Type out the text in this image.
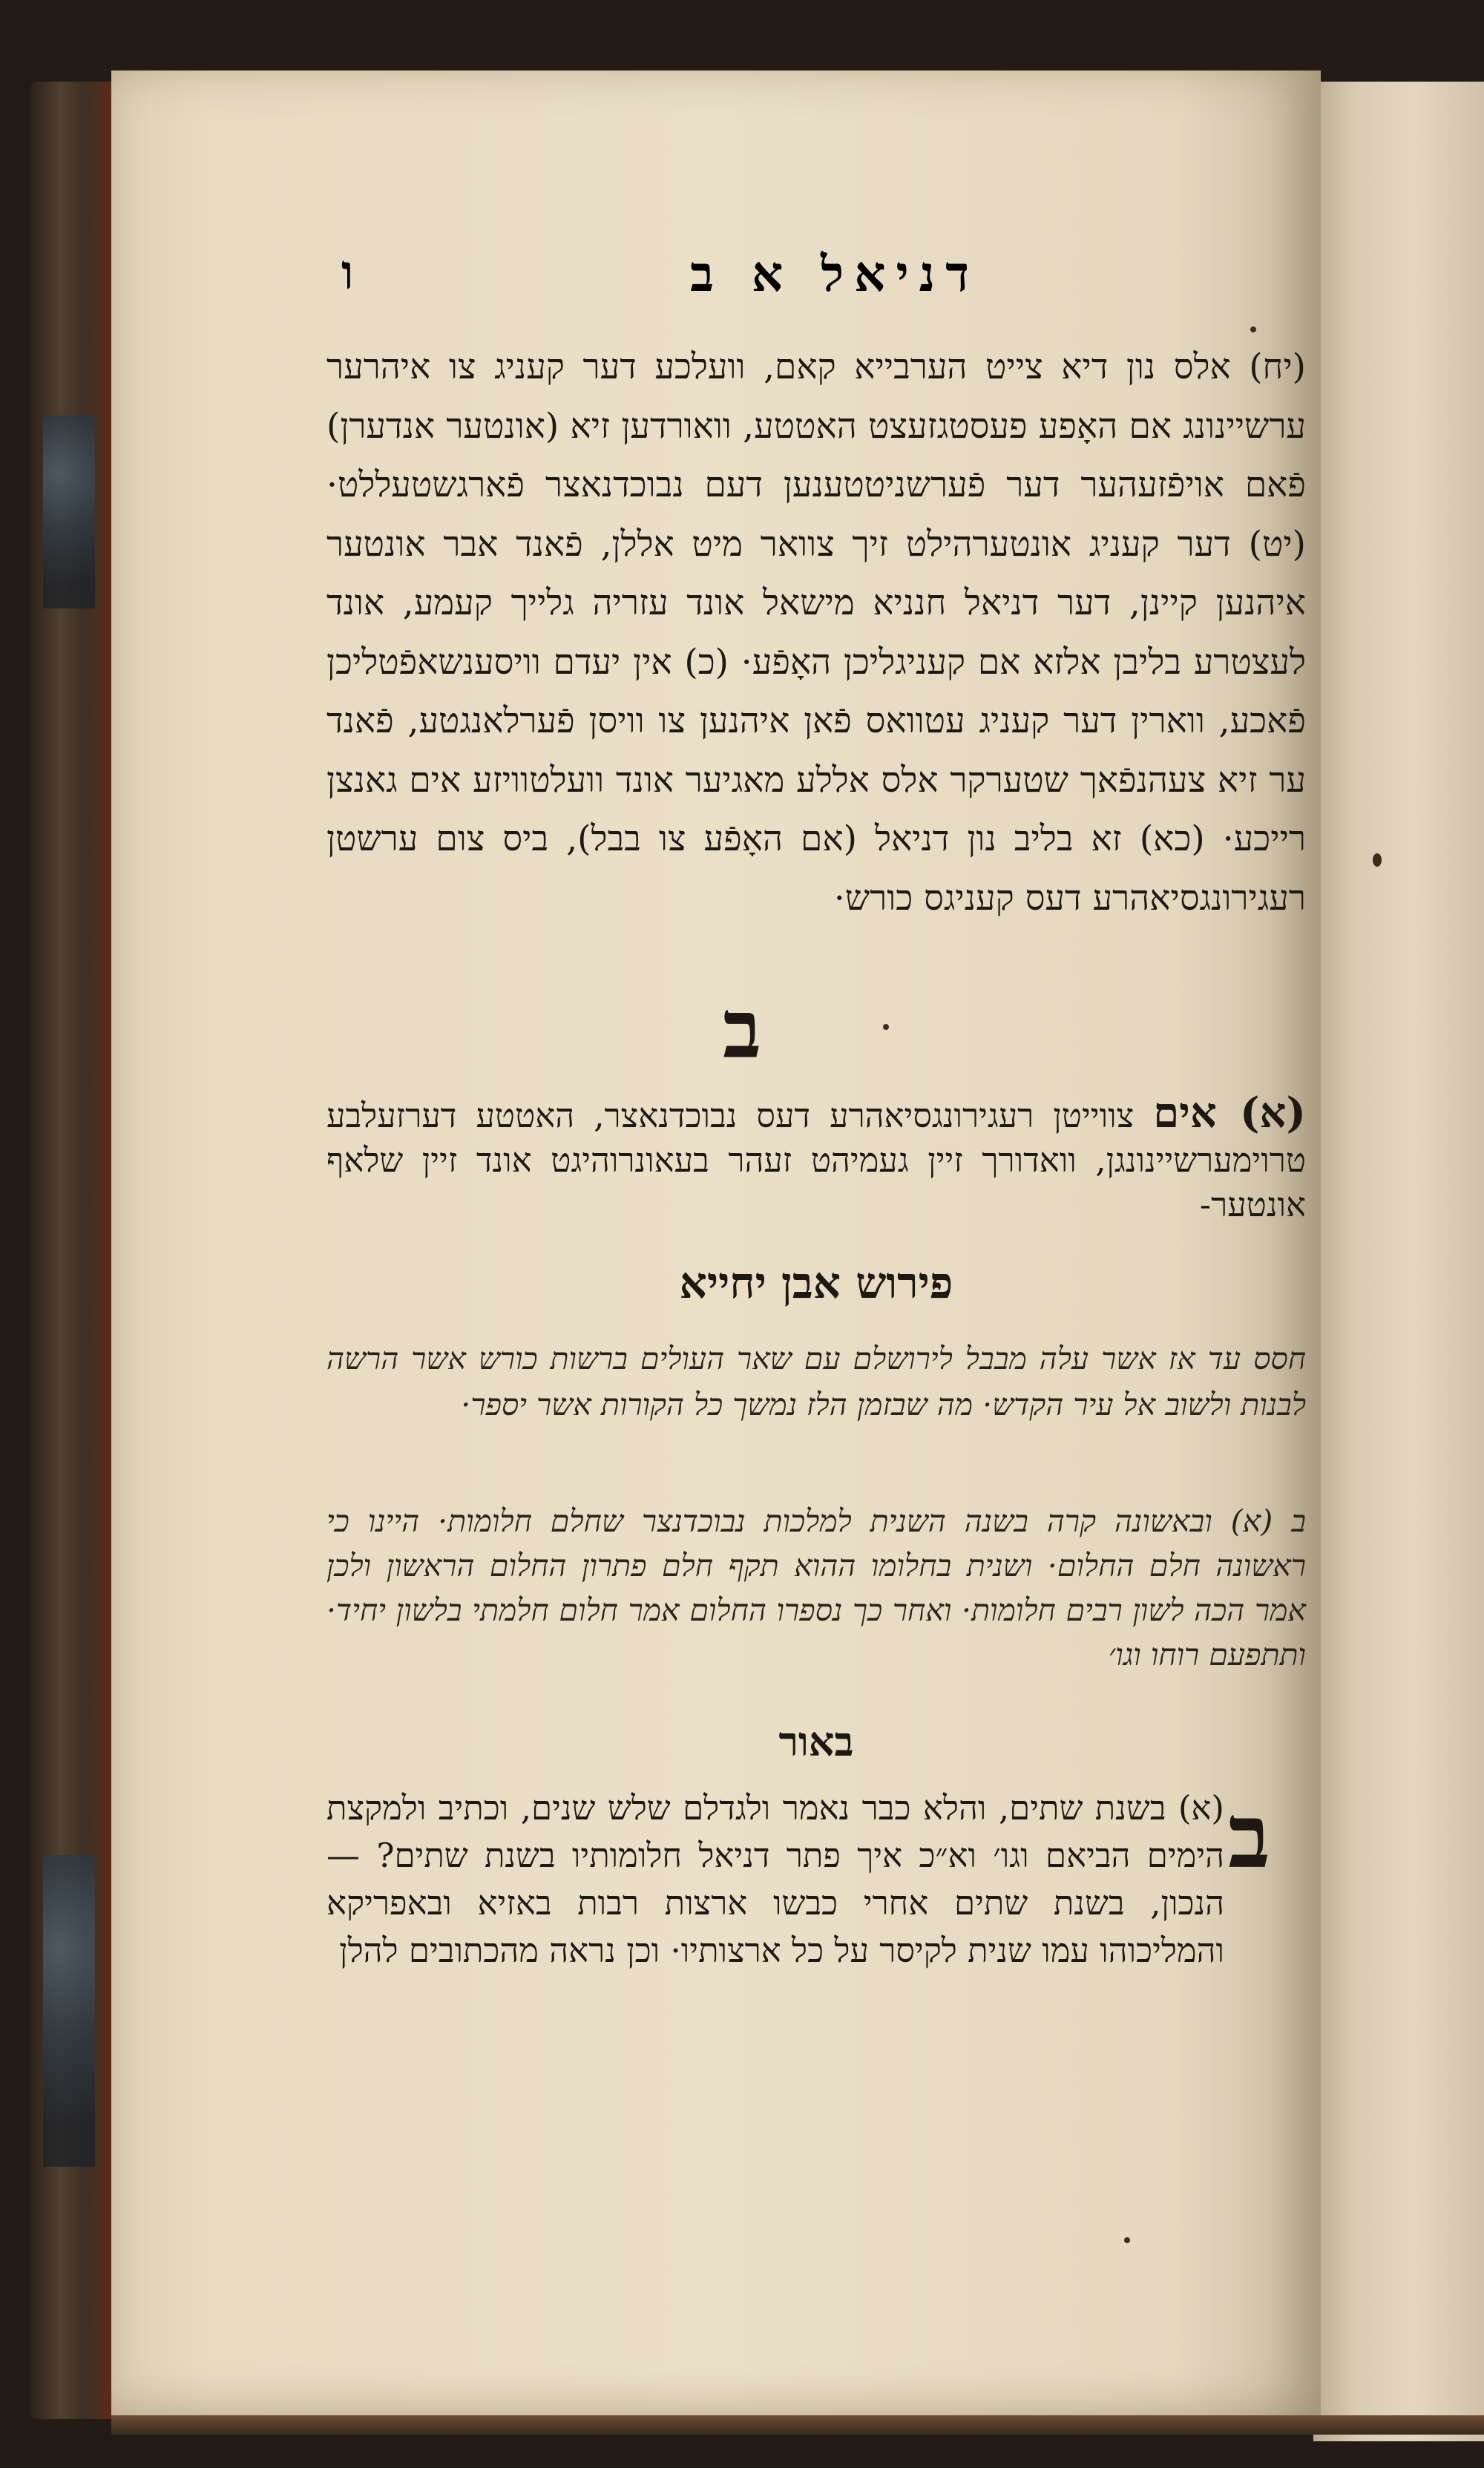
דניאל א ב
ו
(יח) אלס נון דיא צייט הערבייא קאם, וועלכע דער קעניג צו איהרער ערשיינונג אם האָפע פעסטגזעצט האטטע, וואורדען זיא (אונטער אנדערן) פֿאם אויפֿזעהער דער פֿערשניטטענען דעם נבוכדנאצר פֿארגשטעללט· (יט) דער קעניג אונטערהילט זיך צוואר מיט אללן, פֿאנד אבר אונטער איהנען קיינן, דער דניאל חנניא מישאל אונד עזריה גלייך קעמע, אונד לעצטרע בליבן אלזא אם קעניגליכן האָפֿע· (כ) אין יעדם וויסענשאפֿטליכן פֿאכע, ווארין דער קעניג עטוואס פֿאן איהנען צו וויסן פֿערלאנגטע, פֿאנד ער זיא צעהנפֿאך שטערקר אלס אללע מאגיער אונד וועלטוויזע אים גאנצן רייכע· (כא) זא בליב נון דניאל (אם האָפֿע צו בבל), ביס צום ערשטן רעגירונגסיאהרע דעס קעניגס כורש·
ב
(א) אים צווייטן רעגירונגסיאהרע דעס נבוכדנאצר, האטטע דערזעלבע טרוימערשיינונגן, וואדורך זיין געמיהט זעהר בעאונרוהיגט אונד זיין שלאף אונטער-
פירוש אבן יחייא
חסס עד אז אשר עלה מבבל לירושלם עם שאר העולים ברשות כורש אשר הרשה לבנות ולשוב אל עיר הקדש· מה שבזמן הלז נמשך כל הקורות אשר יספר·
ב (א) ובאשונה קרה בשנה השנית למלכות נבוכדנצר שחלם חלומות· היינו כי ראשונה חלם החלום· ושנית בחלומו ההוא תקף חלם פתרון החלום הראשון ולכן אמר הכה לשון רבים חלומות· ואחר כך נספרו החלום אמר חלום חלמתי בלשון יחיד· ותתפעם רוחו וגו׳
באור
ב
(א) בשנת שתים, והלא כבר נאמר ולגדלם שלש שנים, וכתיב ולמקצת הימים הביאם וגו׳ וא״כ איך פתר דניאל חלומותיו בשנת שתים? — הנכון, בשנת שתים אחרי כבשו ארצות רבות באזיא ובאפריקא והמליכוהו עמו שנית לקיסר על כל ארצותיו· וכן נראה מהכתובים להלן
